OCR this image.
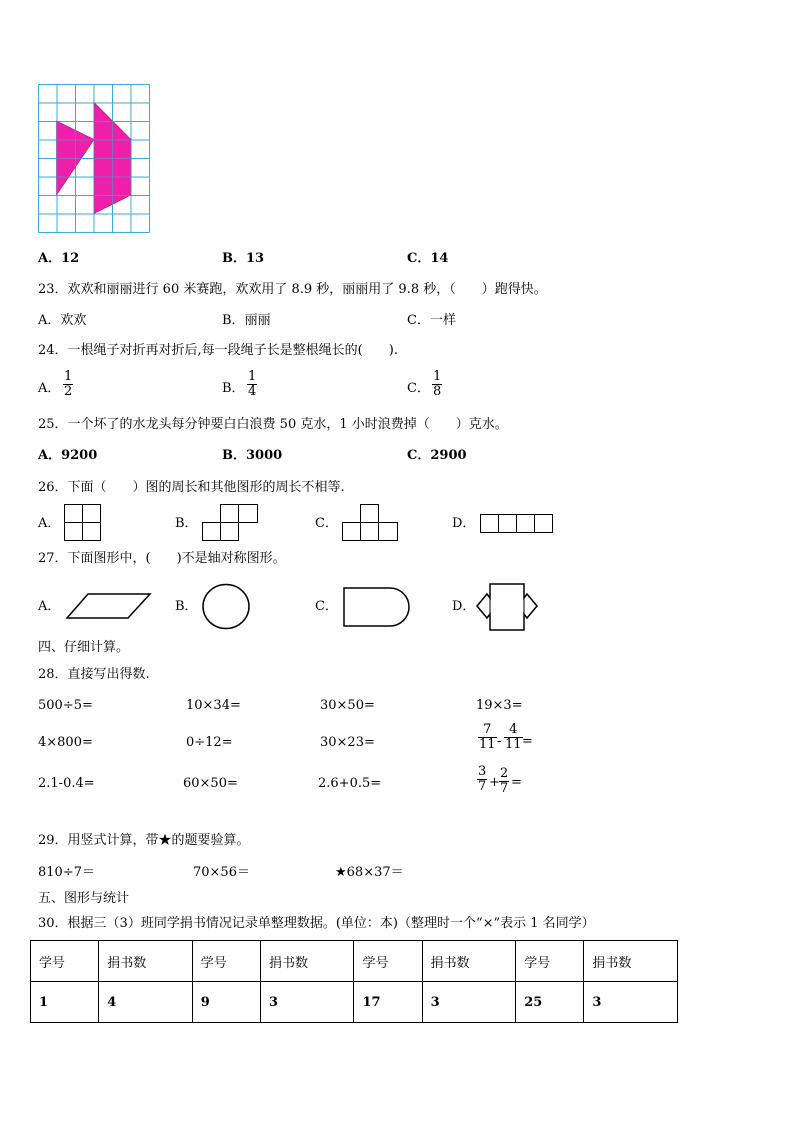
A．12	B．13	C．14
23．欢欢和丽丽进行 60 米赛跑，欢欢用了 8.9 秒，丽丽用了 9.8 秒，（　　）跑得快。
A．欢欢	B．丽丽	C．一样
24．一根绳子对折再对折后,每一段绳子长是整根绳长的(　　).
A．
1
2	B．
1
4	C．
1
8
25．一个坏了的水龙头每分钟要白白浪费 50 克水，1 小时浪费掉（　　）克水。
A．9200	B．3000	C．2900
26．下面（　　）图的周长和其他图形的周长不相等.
A．	B．	C．	D．
27．下面图形中，(　　)不是轴对称图形。
A．	B．	C．	D．
四、仔细计算。
28．直接写出得数.
500÷5=	10×34=	30×50=	19×3=
4×800=	0÷12=	30×23=
7
11 -
4
11 =
2.1-0.4=	60×50=	2.6+0.5=
3
7 +
2
7 =
29．用竖式计算，带★的题要验算。
810÷7＝	70×56＝	★68×37＝
五、图形与统计
30．根据三（3）班同学捐书情况记录单整理数据。(单位：本)（整理时一个“×”表示 1 名同学）
学号	捐书数	学号	捐书数	学号	捐书数	学号	捐书数
1	4	9	3	17	3	25	3
